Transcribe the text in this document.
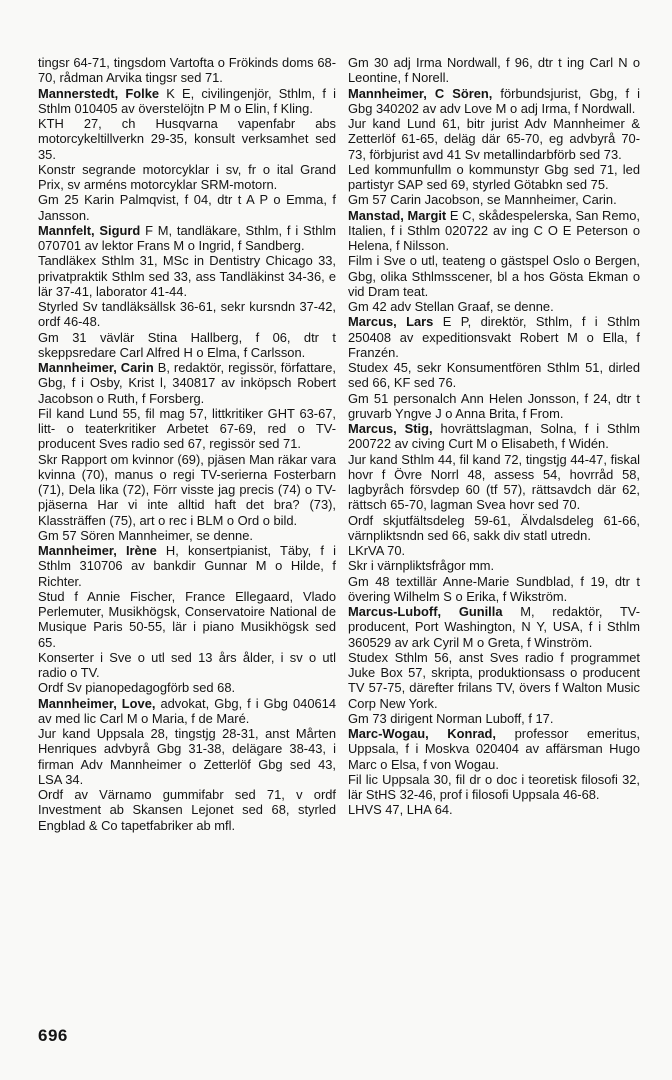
tingsr 64-71, tingsdom Vartofta o Frökinds doms 68-70, rådman Arvika tingsr sed 71.

Mannerstedt, Folke K E, civilingenjör, Sthlm, f i Sthlm 010405 av överstelöjtn P M o Elin, f Kling.

KTH 27, ch Husqvarna vapenfabr abs motorcykeltillverkn 29-35, konsult verksamhet sed 35.

Konstr segrande motorcyklar i sv, fr o ital Grand Prix, sv arméns motorcyklar SRM-motorn.

Gm 25 Karin Palmqvist, f 04, dtr t A P o Emma, f Jansson.

Mannfelt, Sigurd F M, tandläkare, Sthlm, f i Sthlm 070701 av lektor Frans M o Ingrid, f Sandberg.

Tandläkex Sthlm 31, MSc in Dentistry Chicago 33, privatpraktik Sthlm sed 33, ass Tandläkinst 34-36, e lär 37-41, laborator 41-44.

Styrled Sv tandläksällsk 36-61, sekr kursndn 37-42, ordf 46-48.

Gm 31 vävlär Stina Hallberg, f 06, dtr t skeppsredare Carl Alfred H o Elma, f Carlsson.

Mannheimer, Carin B, redaktör, regissör, författare, Gbg, f i Osby, Krist l, 340817 av inköpsch Robert Jacobson o Ruth, f Forsberg.

Fil kand Lund 55, fil mag 57, littkritiker GHT 63-67, litt- o teaterkritiker Arbetet 67-69, red o TV-producent Sves radio sed 67, regissör sed 71.

Skr Rapport om kvinnor (69), pjäsen Man räkar vara kvinna (70), manus o regi TV-serierna Fosterbarn (71), Dela lika (72), Förr visste jag precis (74) o TV-pjäserna Har vi inte alltid haft det bra? (73), Klassträffen (75), art o rec i BLM o Ord o bild.

Gm 57 Sören Mannheimer, se denne.

Mannheimer, Irène H, konsertpianist, Täby, f i Sthlm 310706 av bankdir Gunnar M o Hilde, f Richter.

Stud f Annie Fischer, France Ellegaard, Vlado Perlemuter, Musikhögsk, Conservatoire National de Musique Paris 50-55, lär i piano Musikhögsk sed 65.

Konserter i Sve o utl sed 13 års ålder, i sv o utl radio o TV.

Ordf Sv pianopedagogförb sed 68.

Mannheimer, Love, advokat, Gbg, f i Gbg 040614 av med lic Carl M o Maria, f de Maré.

Jur kand Uppsala 28, tingstjg 28-31, anst Mårten Henriques advbyrå Gbg 31-38, delägare 38-43, i firman Adv Mannheimer o Zetterlöf Gbg sed 43, LSA 34.

Ordf av Värnamo gummifabr sed 71, v ordf Investment ab Skansen Lejonet sed 68, styrled Engblad & Co tapetfabriker ab mfl.

Gm 30 adj Irma Nordwall, f 96, dtr t ing Carl N o Leontine, f Norell.

Mannheimer, C Sören, förbundsjurist, Gbg, f i Gbg 340202 av adv Love M o adj Irma, f Nordwall.

Jur kand Lund 61, bitr jurist Adv Mannheimer & Zetterlöf 61-65, deläg där 65-70, eg advbyrå 70-73, förbjurist avd 41 Sv metallindarbförb sed 73.

Led kommunfullm o kommunstyr Gbg sed 71, led partistyr SAP sed 69, styrled Götabkn sed 75.

Gm 57 Carin Jacobson, se Mannheimer, Carin.

Manstad, Margit E C, skådespelerska, San Remo, Italien, f i Sthlm 020722 av ing C O E Peterson o Helena, f Nilsson.

Film i Sve o utl, teateng o gästspel Oslo o Bergen, Gbg, olika Sthlmsscener, bl a hos Gösta Ekman o vid Dram teat.

Gm 42 adv Stellan Graaf, se denne.

Marcus, Lars E P, direktör, Sthlm, f i Sthlm 250408 av expeditionsvakt Robert M o Ella, f Franzén.

Studex 45, sekr Konsumentfören Sthlm 51, dirled sed 66, KF sed 76.

Gm 51 personalch Ann Helen Jonsson, f 24, dtr t gruvarb Yngve J o Anna Brita, f From.

Marcus, Stig, hovrättslagman, Solna, f i Sthlm 200722 av civing Curt M o Elisabeth, f Widén.

Jur kand Sthlm 44, fil kand 72, tingstjg 44-47, fiskal hovr f Övre Norrl 48, assess 54, hovrråd 58, lagbyråch försvdep 60 (tf 57), rättsavdch där 62, rättsch 65-70, lagman Svea hovr sed 70.

Ordf skjutfältsdeleg 59-61, Älvdalsdeleg 61-66, värnpliktsndn sed 66, sakk div statl utredn.

LKrVA 70.

Skr i värnpliktsfrågor mm.

Gm 48 textillär Anne-Marie Sundblad, f 19, dtr t övering Wilhelm S o Erika, f Wikström.

Marcus-Luboff, Gunilla M, redaktör, TV-producent, Port Washington, N Y, USA, f i Sthlm 360529 av ark Cyril M o Greta, f Winström.

Studex Sthlm 56, anst Sves radio f programmet Juke Box 57, skripta, produktionsass o producent TV 57-75, därefter frilans TV, övers f Walton Music Corp New York.

Gm 73 dirigent Norman Luboff, f 17.

Marc-Wogau, Konrad, professor emeritus, Uppsala, f i Moskva 020404 av affärsman Hugo Marc o Elsa, f von Wogau.

Fil lic Uppsala 30, fil dr o doc i teoretisk filosofi 32, lär StHS 32-46, prof i filosofi Uppsala 46-68.

LHVS 47, LHA 64.

696
